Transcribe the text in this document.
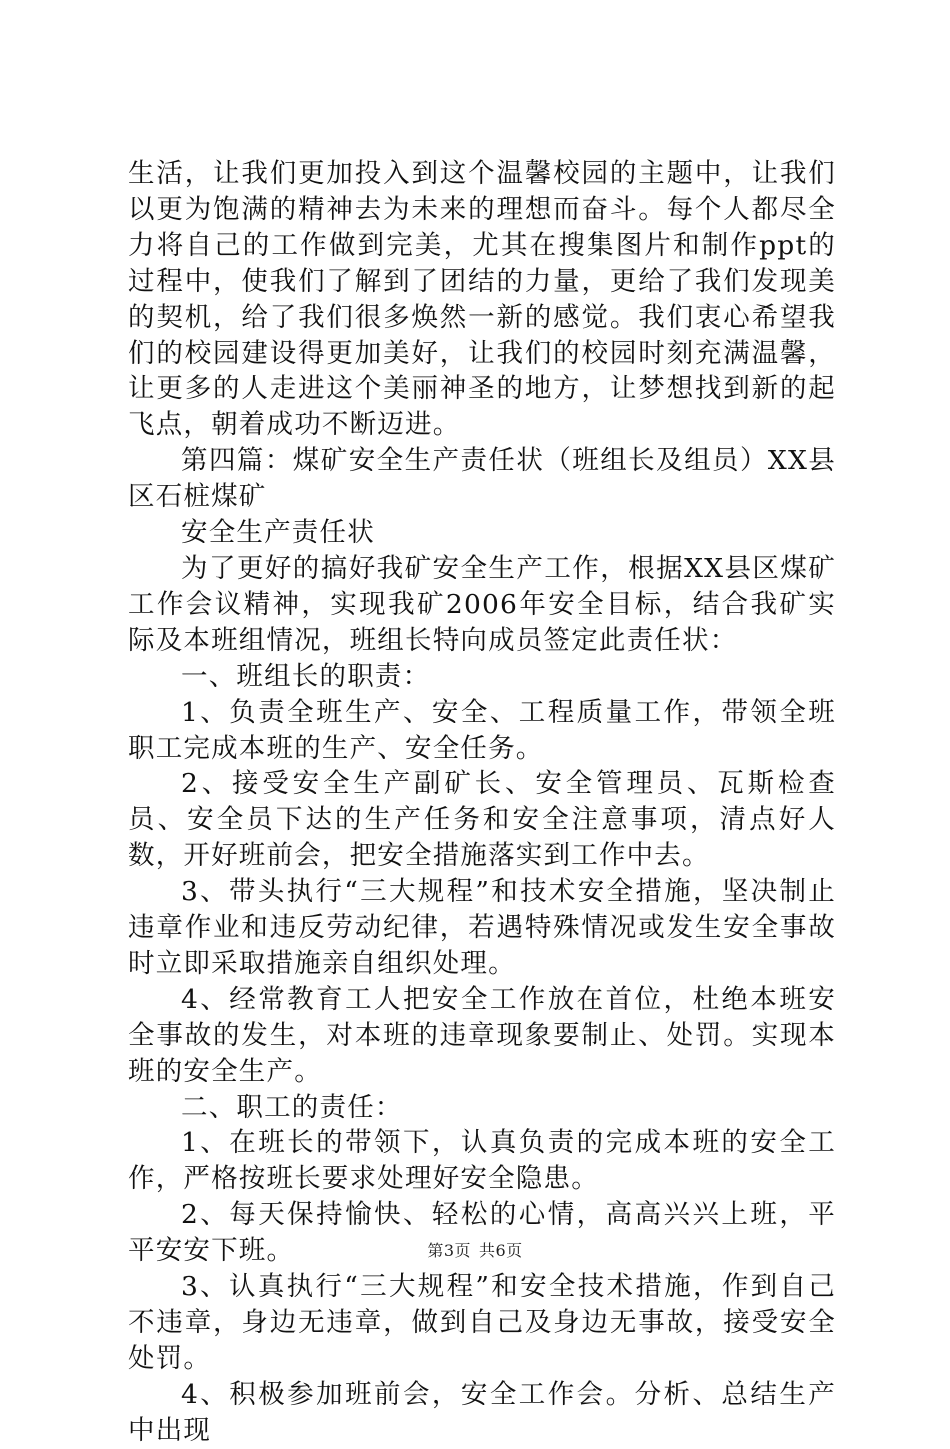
生活，让我们更加投入到这个温馨校园的主题中，让我们以更为饱满的精神去为未来的理想而奋斗。每个人都尽全力将自己的工作做到完美，尤其在搜集图片和制作ppt的过程中，使我们了解到了团结的力量，更给了我们发现美的契机，给了我们很多焕然一新的感觉。我们衷心希望我们的校园建设得更加美好，让我们的校园时刻充满温馨，让更多的人走进这个美丽神圣的地方，让梦想找到新的起飞点，朝着成功不断迈进。

第四篇：煤矿安全生产责任状（班组长及组员）XX县区石桩煤矿

安全生产责任状

为了更好的搞好我矿安全生产工作，根据XX县区煤矿工作会议精神，实现我矿2006年安全目标，结合我矿实际及本班组情况，班组长特向成员签定此责任状：

一、班组长的职责：

1、负责全班生产、安全、工程质量工作，带领全班职工完成本班的生产、安全任务。

2、接受安全生产副矿长、安全管理员、瓦斯检查员、安全员下达的生产任务和安全注意事项，清点好人数，开好班前会，把安全措施落实到工作中去。

3、带头执行“三大规程”和技术安全措施，坚决制止违章作业和违反劳动纪律，若遇特殊情况或发生安全事故时立即采取措施亲自组织处理。

4、经常教育工人把安全工作放在首位，杜绝本班安全事故的发生，对本班的违章现象要制止、处罚。实现本班的安全生产。

二、职工的责任：

1、在班长的带领下，认真负责的完成本班的安全工作，严格按班长要求处理好安全隐患。

2、每天保持愉快、轻松的心情，高高兴兴上班，平平安安下班。

3、认真执行“三大规程”和安全技术措施，作到自己不违章，身边无违章，做到自己及身边无事故，接受安全处罚。

4、积极参加班前会，安全工作会。分析、总结生产中出现

第3页 共6页
